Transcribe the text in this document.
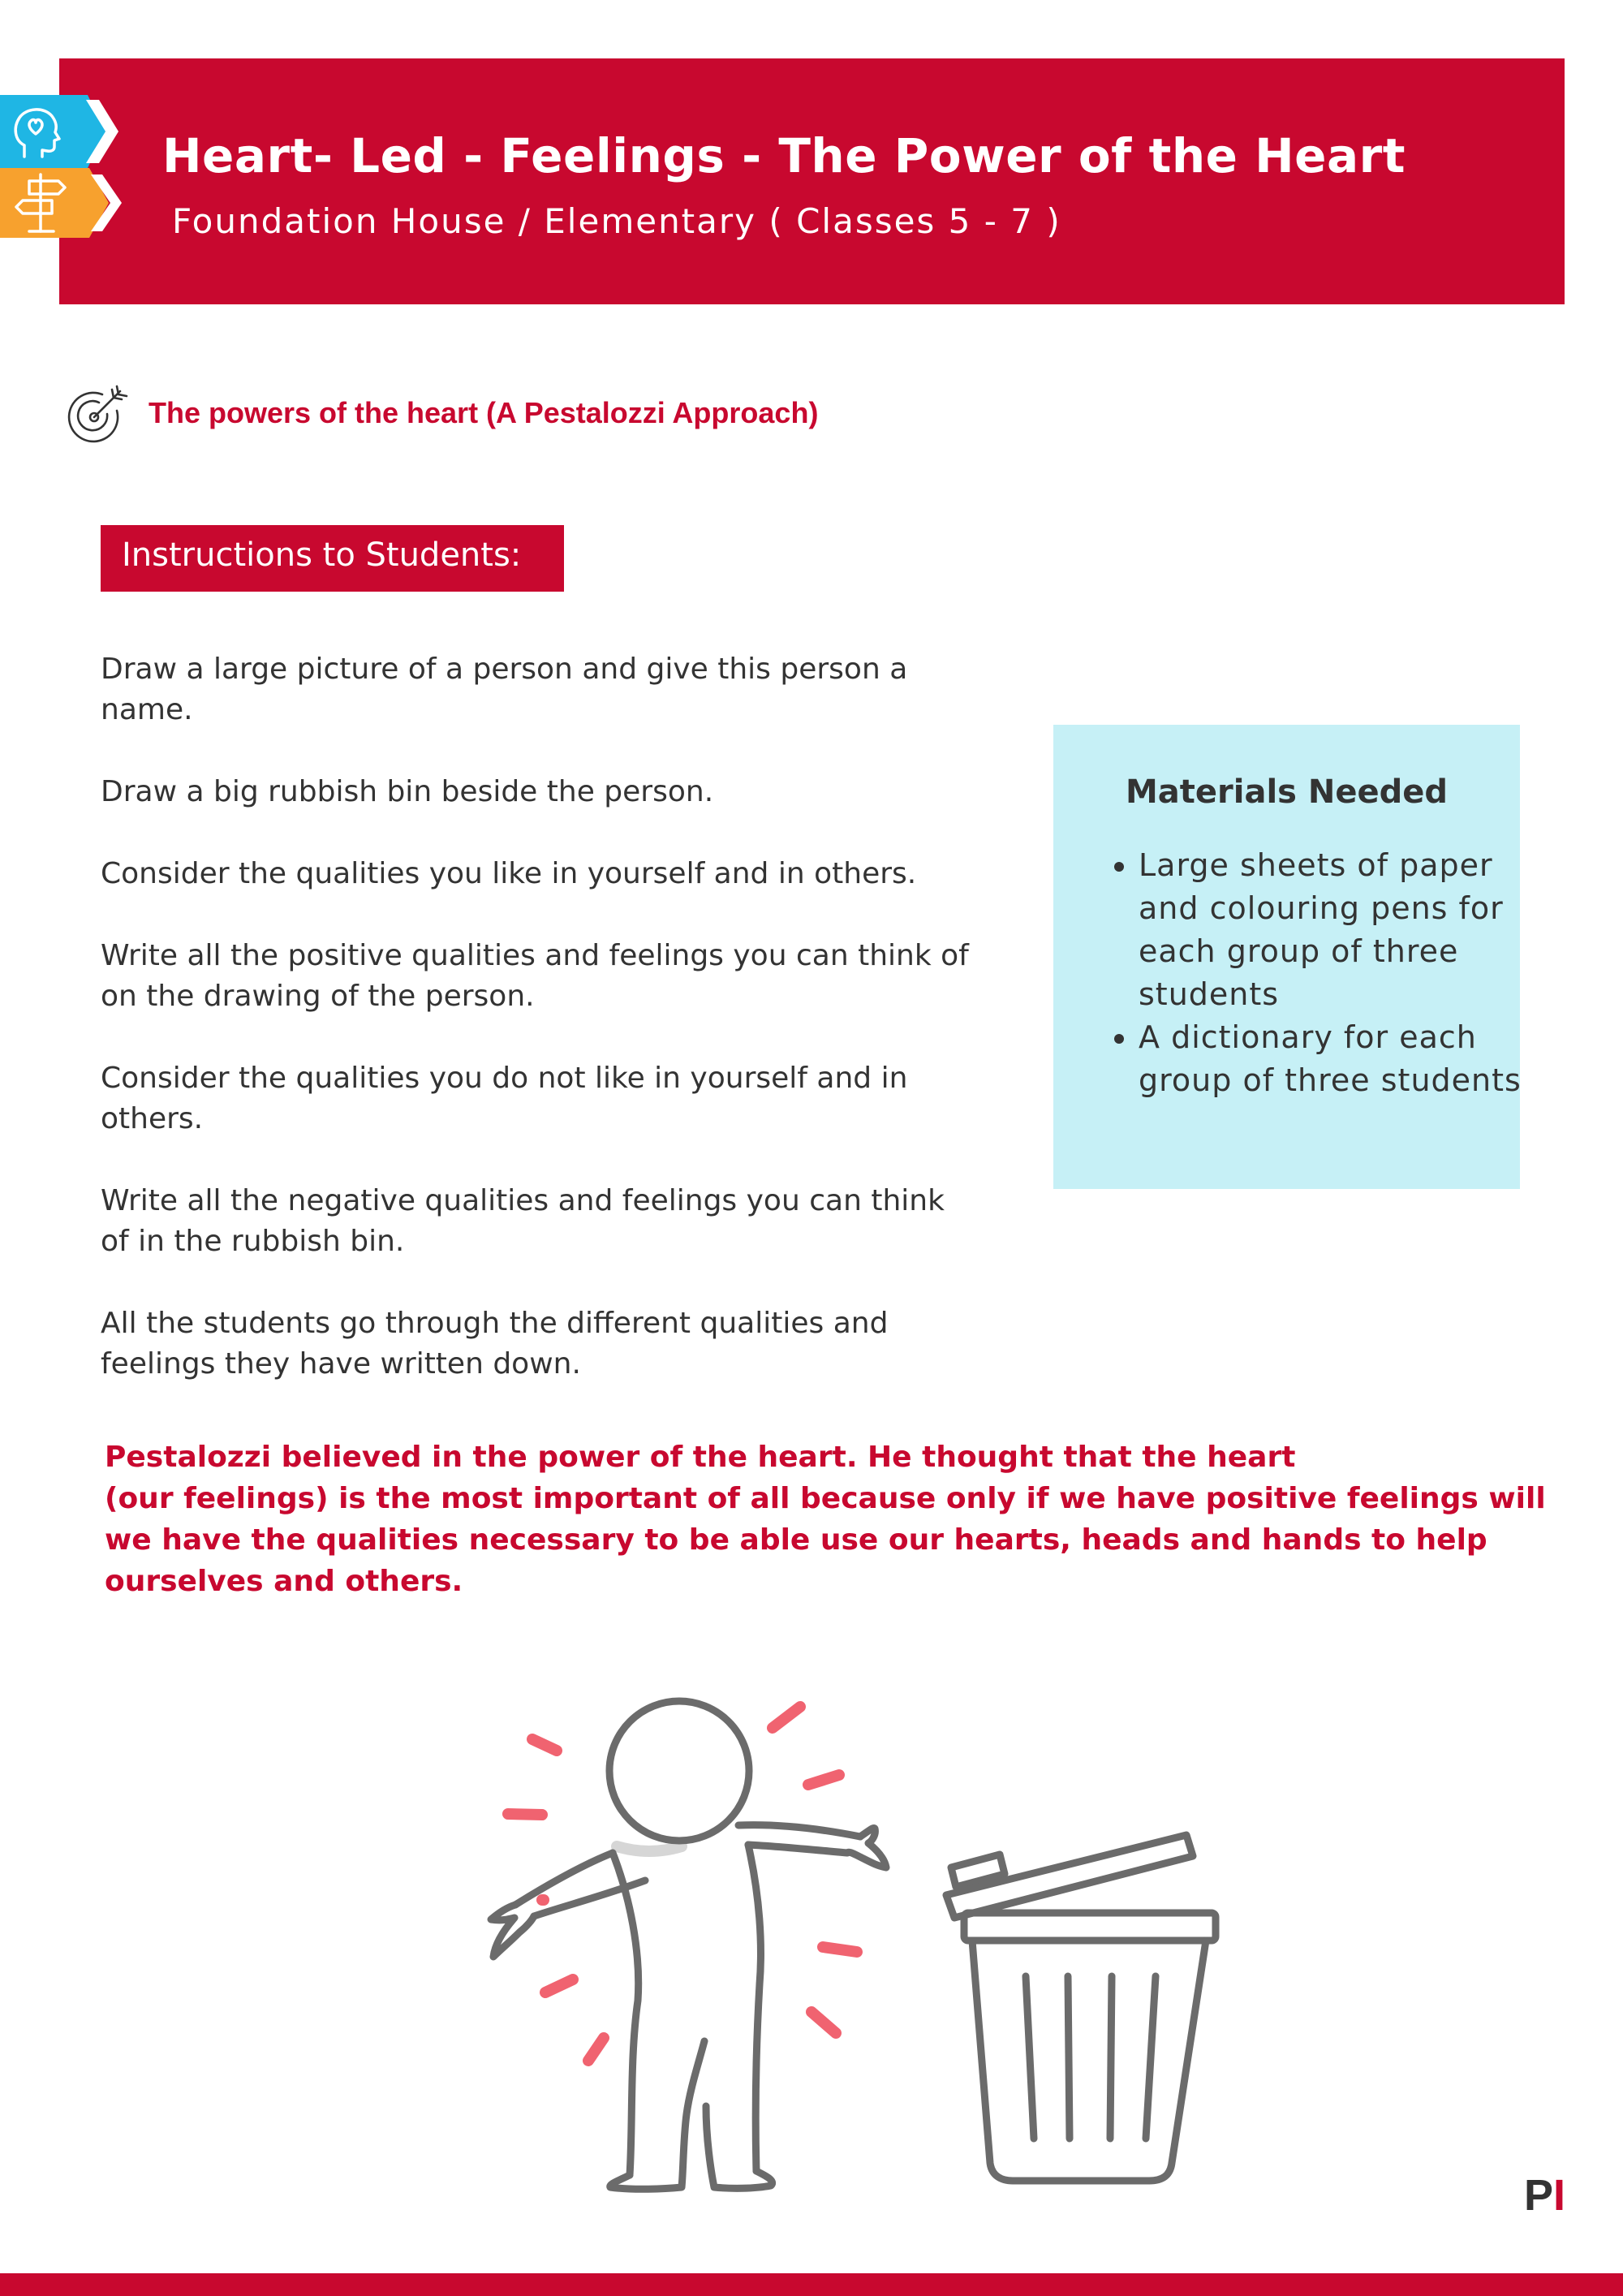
Heart- Led - Feelings - The Power of the Heart
Foundation House / Elementary ( Classes 5 - 7 )
The powers of the heart (A Pestalozzi Approach)
Instructions to Students:

Draw a large picture of a person and give this person a name.

Draw a big rubbish bin beside the person.

Consider the qualities you like in yourself and in others.

Write all the positive qualities and feelings you can think of on the drawing of the person.

Consider the qualities you do not like in yourself and in others.

Write all the negative qualities and feelings you can think of in the rubbish bin.

All the students go through the different qualities and feelings they have written down.

Materials Needed
• Large sheets of paper and colouring pens for each group of three students
• A dictionary for each group of three students

Pestalozzi believed in the power of the heart. He thought that the heart

(our feelings) is the most important of all because only if we have positive feelings will we have the qualities necessary to be able use our hearts, heads and hands to help ourselves and others.

PI
